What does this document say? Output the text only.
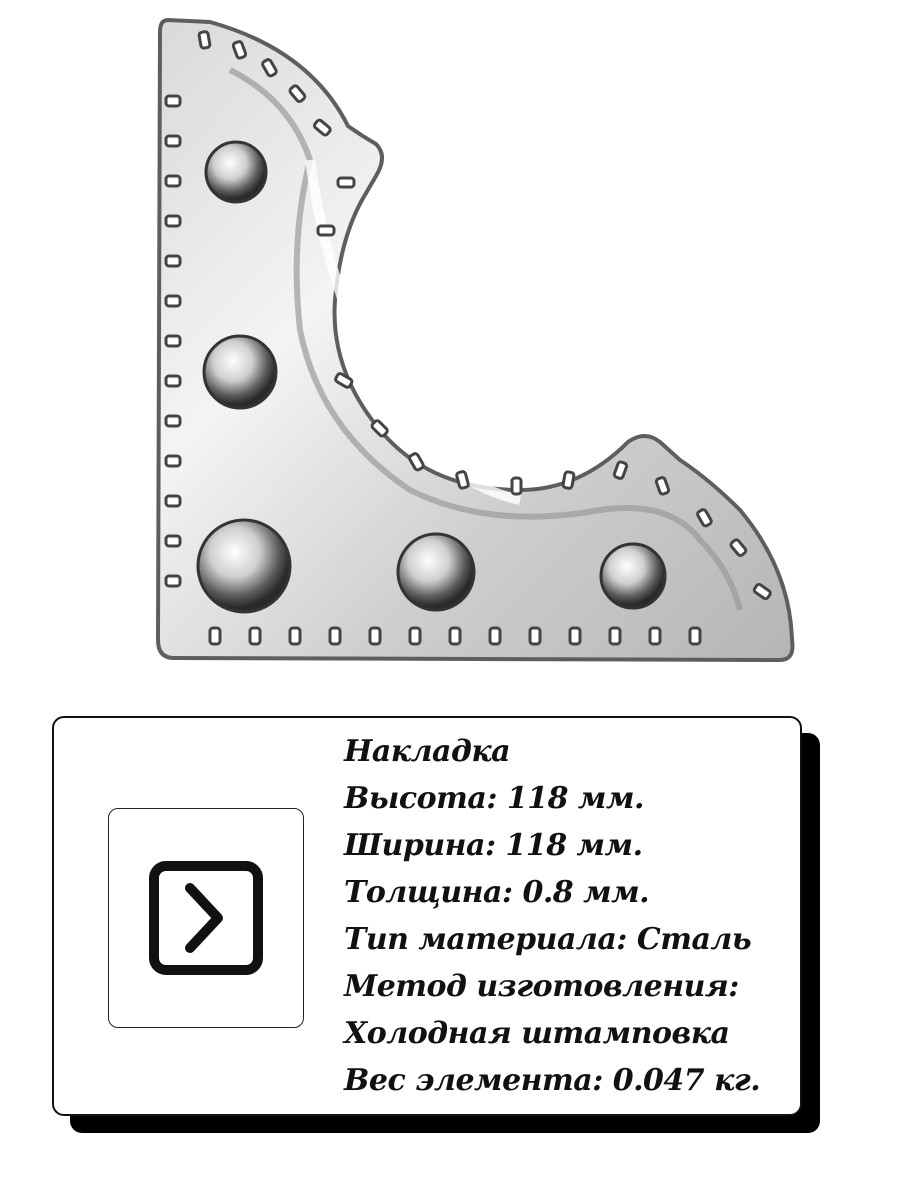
Накладка
Высота: 118 мм.
Ширина: 118 мм.
Толщина: 0.8 мм.
Тип материала: Сталь
Метод изготовления:
Холодная штамповка
Вес элемента: 0.047 кг.
